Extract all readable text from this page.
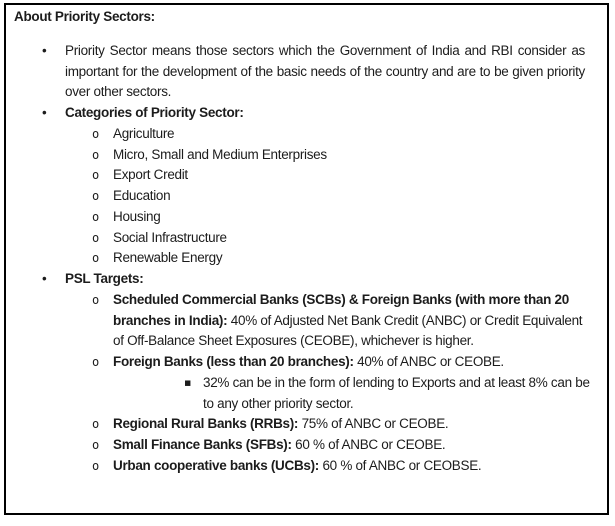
About Priority Sectors:
•
Priority Sector means those sectors which the Government of India and RBI consider as important for the development of the basic needs of the country and are to be given priority over other sectors.
•
Categories of Priority Sector:
o
Agriculture
o
Micro, Small and Medium Enterprises
o
Export Credit
o
Education
o
Housing
o
Social Infrastructure
o
Renewable Energy
•
PSL Targets:
o
Scheduled Commercial Banks (SCBs) & Foreign Banks (with more than 20 branches in India): 40% of Adjusted Net Bank Credit (ANBC) or Credit Equivalent of Off-Balance Sheet Exposures (CEOBE), whichever is higher.
o
Foreign Banks (less than 20 branches): 40% of ANBC or CEOBE.
▪
32% can be in the form of lending to Exports and at least 8% can be to any other priority sector.
o
Regional Rural Banks (RRBs): 75% of ANBC or CEOBE.
o
Small Finance Banks (SFBs): 60 % of ANBC or CEOBE.
o
Urban cooperative banks (UCBs): 60 % of ANBC or CEOBSE.
